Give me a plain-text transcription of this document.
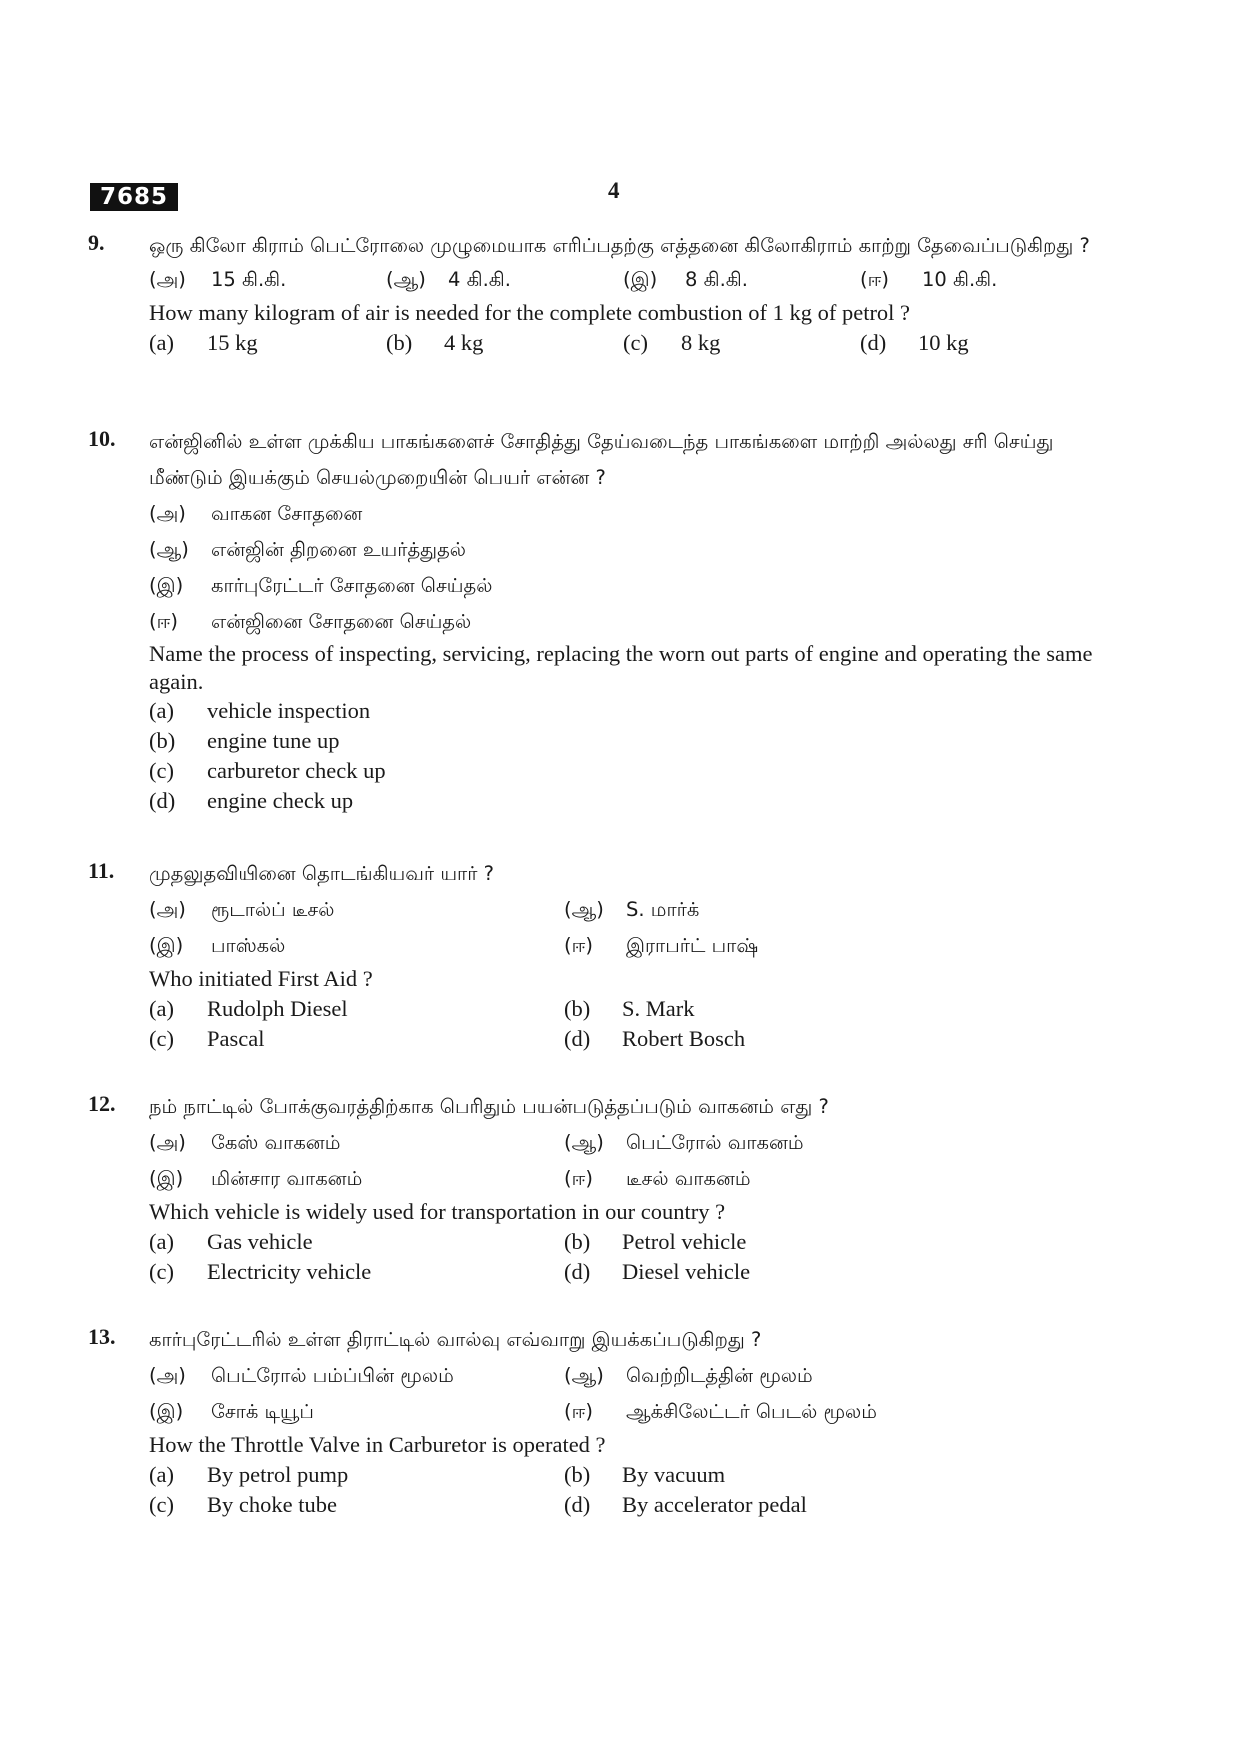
7685	4
9. ஒரு கிலோ கிராம் பெட்ரோலை முழுமையாக எரிப்பதற்கு எத்தனை கிலோகிராம் காற்று தேவைப்படுகிறது ?

(அ)	15 கி.கி.	(ஆ)	4 கி.கி.	(இ)	8 கி.கி.	(ஈ)	10 கி.கி.

How many kilogram of air is needed for the complete combustion of 1 kg of petrol ?

(a)	15 kg	(b)	4 kg	(c)	8 kg	(d)	10 kg
10. என்ஜினில் உள்ள முக்கிய பாகங்களைச் சோதித்து தேய்வடைந்த பாகங்களை மாற்றி அல்லது சரி செய்து மீண்டும் இயக்கும் செயல்முறையின் பெயர் என்ன ?

(அ)	வாகன சோதனை
(ஆ)	என்ஜின் திறனை உயர்த்துதல்
(இ)	கார்புரேட்டர் சோதனை செய்தல்
(ஈ)	என்ஜினை சோதனை செய்தல்

Name the process of inspecting, servicing, replacing the worn out parts of engine and operating the same again.

(a)	vehicle inspection
(b)	engine tune up
(c)	carburetor check up
(d)	engine check up
11. முதலுதவியினை தொடங்கியவர் யார் ?

(அ)	ரூடால்ப் டீசல்	(ஆ)	S. மார்க்
(இ)	பாஸ்கல்	(ஈ)	இராபர்ட் பாஷ்

Who initiated First Aid ?

(a)	Rudolph Diesel	(b)	S. Mark
(c)	Pascal	(d)	Robert Bosch
12. நம் நாட்டில் போக்குவரத்திற்காக பெரிதும் பயன்படுத்தப்படும் வாகனம் எது ?

(அ)	கேஸ் வாகனம்	(ஆ)	பெட்ரோல் வாகனம்
(இ)	மின்சார வாகனம்	(ஈ)	டீசல் வாகனம்

Which vehicle is widely used for transportation in our country ?

(a)	Gas vehicle	(b)	Petrol vehicle
(c)	Electricity vehicle	(d)	Diesel vehicle
13. கார்புரேட்டரில் உள்ள திராட்டில் வால்வு எவ்வாறு இயக்கப்படுகிறது ?

(அ)	பெட்ரோல் பம்ப்பின் மூலம்	(ஆ)	வெற்றிடத்தின் மூலம்
(இ)	சோக் டியூப்	(ஈ)	ஆக்சிலேட்டர் பெடல் மூலம்

How the Throttle Valve in Carburetor is operated ?

(a)	By petrol pump	(b)	By vacuum
(c)	By choke tube	(d)	By accelerator pedal
